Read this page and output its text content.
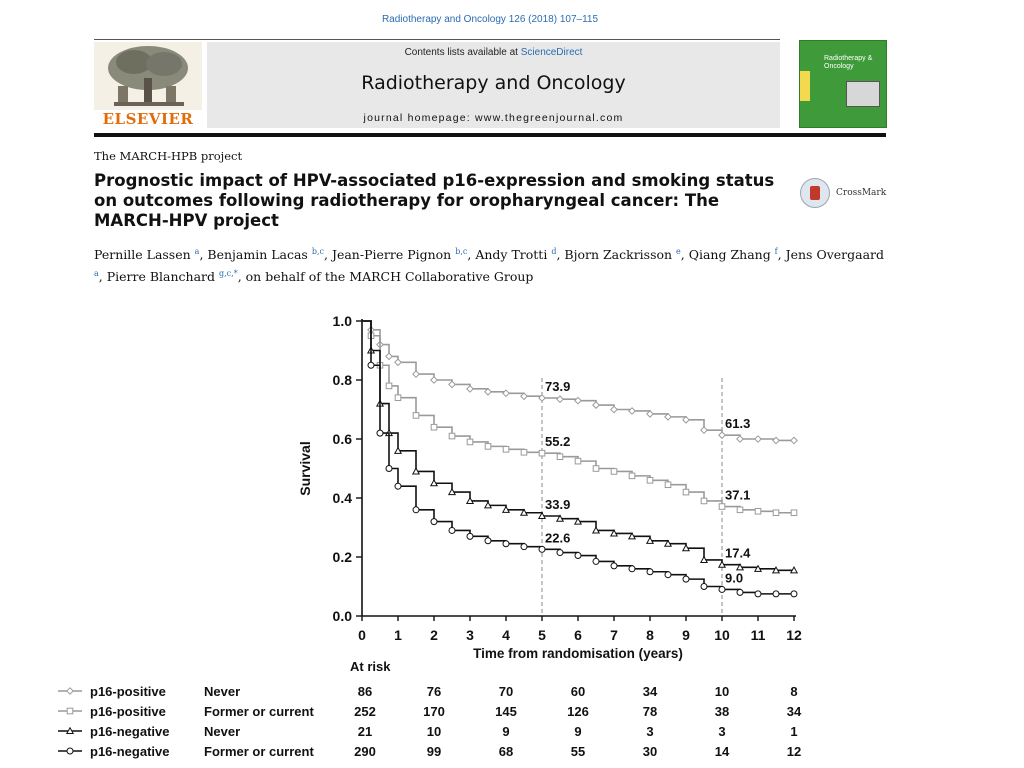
Radiotherapy and Oncology 126 (2018) 107–115
ELSEVIER
Contents lists available at ScienceDirect
Radiotherapy and Oncology
journal homepage: www.thegreenjournal.com
Radiotherapy & Oncology
The MARCH-HPB project
Prognostic impact of HPV-associated p16-expression and smoking status on outcomes following radiotherapy for oropharyngeal cancer: The MARCH-HPV project
CrossMark
Pernille Lassen $^a$, Benjamin Lacas $^{b,c}$, Jean-Pierre Pignon $^{b,c}$, Andy Trotti $^d$, Bjorn Zackrisson $^e$, Qiang Zhang $^f$, Jens Overgaard $^a$, Pierre Blanchard $^{g,c,*}$, on behalf of the MARCH Collaborative Group
0.0
0.2
0.4
0.6
0.8
1.0
0 1 2 3 4 5 6 7 8 9 10 11 12
Time from randomisation (years)
Survival
73.9
55.2
33.9
22.6
61.3
37.1
17.4
9.0
At risk
p16-positive	Never	86	76	70	60	34	10	8
p16-positive	Former or current	252	170	145	126	78	38	34
p16-negative	Never	21	10	9	9	3	3	1
p16-negative	Former or current	290	99	68	55	30	14	12
